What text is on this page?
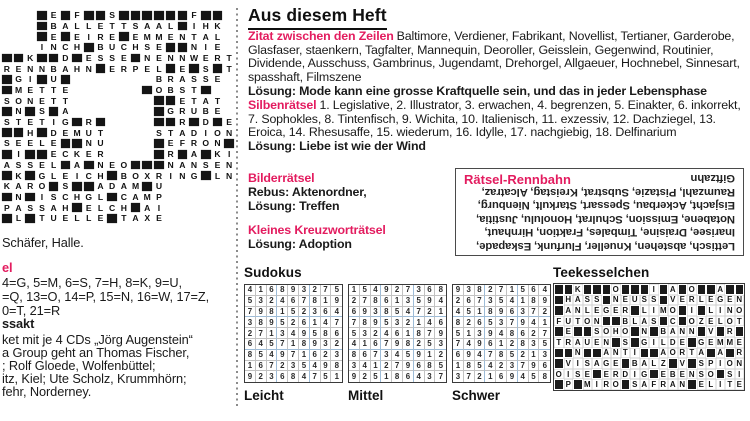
E	F	S	F
B A L L E T T S A A L	I H K
E	E I R E	E M M E N T A L
I N C H	B U C H S E	N I E
K	D	E S S E	N E N N W E R T
R E N N B A H N	E R P E L	E	S	T
G I	U	B R A S S E
M E T T E	O B S T
S O N E T T	E T A T
N	S	A	G R U B E
S T E T I G	R	R	D	E
H	D E M U T	S T A D I O N
S E E L E	N U	E F R O N
I	E C K E R	R	A	K I
A S S E L	A	N E O	N A N S E N
K	G L E I C H	B O X R I N G	L N
K A R O	S	A D A M	U
N	I S C H G L	C A M P
P A S S A H	E L C H	A I
L	T U E L L E	T A X E
Schäfer, Halle.
el
4=G, 5=M, 6=S, 7=H, 8=K, 9=U,
=Q, 13=O, 14=P, 15=N, 16=W, 17=Z,
0=T, 21=R
ssakt
ket mit je 4 CDs „Jörg Augenstein“
a Group geht an Thomas Fischer,
; Rolf Gloede, Wolfenbüttel;
itz, Kiel; Ute Scholz, Krummhörn;
fehr, Norderney.
Aus diesem Heft
Zitat zwischen den Zeilen Baltimore, Verdiener, Fabrikant, Novellist, Tertianer, Garderobe, Glasfaser, staenkern, Tagfalter, Mannequin, Deoroller, Geisslein, Gegenwind, Routinier, Dividende, Ausschuss, Gambrinus, Jugendamt, Drehorgel, Allgaeuer, Hochnebel, Sinnesart, spasshaft, Filmszene
Lösung: Mode kann eine grosse Kraftquelle sein, und das in jeder Lebensphase
Silbenrätsel 1. Legislative, 2. Illustrator, 3. erwachen, 4. begrenzen, 5. Einakter, 6. inkorrekt, 7. Sophokles, 8. Tintenfisch, 9. Wichita, 10. Italienisch, 11. exzessiv, 12. Dachziegel, 13. Eroica, 14. Rhesusaffe, 15. wiederum, 16. Idylle, 17. nachgiebig, 18. Delfinarium
Lösung: Liebe ist wie der Wind
Bilderrätsel
Rebus: Aktenordner,
Lösung: Treffen
Kleines Kreuzworträtsel
Lösung: Adoption
Rätsel-Rennbahn
Lettisch, abstehen, Knueller, Flurfunk, Eskapade,
Inarisee, Draisine, Timbales, Fraktion, Hirnhaut,
Notabene, Emission, Schulrat, Honolulu, Justitia,
Eisjacht, Ackerbau, Spessart, Starkult, Nienburg,
Raumzahl, Pistazie, Substrat, Kreistag, Alcatraz,
Giftzahn
Sudokus
4 1 6 8 9 3 2 7 5
5 3 2 4 6 7 8 1 9
7 9 8 1 5 2 3 6 4
3 8 9 5 2 6 1 4 7
2 7 1 3 4 9 5 8 6
6 4 5 7 1 8 9 3 2
8 5 4 9 7 1 6 2 3
1 6 7 2 3 5 4 9 8
9 2 3 6 8 4 7 5 1
1 5 4 9 2 7 3 6 8
2 7 8 6 1 3 5 9 4
6 9 3 8 5 4 7 2 1
7 8 9 5 3 2 1 4 6
5 3 2 4 6 1 8 7 9
4 1 6 7 9 8 2 5 3
8 6 7 3 4 5 9 1 2
3 4 1 2 7 9 6 8 5
9 2 5 1 8 6 4 3 7
9 3 8 2 7 1 5 6 4
2 6 7 3 5 4 1 8 9
4 5 1 8 9 6 3 7 2
8 2 6 5 3 7 9 4 1
5 1 3 9 4 8 6 2 7
7 4 9 6 1 2 8 3 5
6 9 4 7 8 5 2 1 3
1 8 5 4 2 3 7 9 6
3 7 2 1 6 9 4 5 8
Leicht	Mittel	Schwer
Teekesselchen
K	O	I	A O	A
H A S S N E U S S V E R L E G E N
A N L E G E R L I M O	I	L I N O
F U T O N	B L A S C O Z E L O T
E	S O H O N B A N N V R
T R A U E N S G I L D E G E M M E
N	A N T I	A O R T A A R
V I S A G E B A L Z V S P I O N
O I S E E R D I G E B E N S O S I
P M I R O S A F R A N E L I T E
